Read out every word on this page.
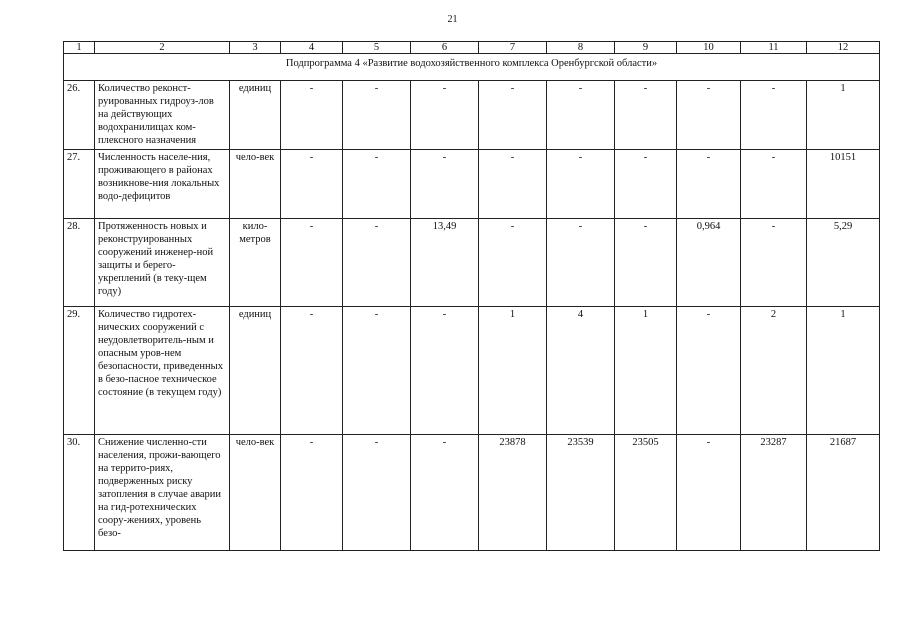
21
1	2	3	4	5	6	7	8	9	10	11	12
Подпрограмма 4 «Развитие водохозяйственного комплекса Оренбургской области»											
26.	Количество реконст-руированных гидроуз-лов на действующих водохранилищах ком-плексного назначения	единиц	-	-	-	-	-	-	-	-	1
27.	Численность населе-ния, проживающего в районах возникнове-ния локальных водо-дефицитов	чело-век	-	-	-	-	-	-	-	-	10151
28.	Протяженность новых и реконструированных сооружений инженер-ной защиты и берего-укреплений (в теку-щем году)	кило-метров	-	-	13,49	-	-	-	0,964	-	5,29
29.	Количество гидротех-нических сооружений с неудовлетворитель-ным и опасным уров-нем безопасности, приведенных в безо-пасное техническое состояние (в текущем году)	единиц	-	-	-	1	4	1	-	2	1
30.	Снижение численно-сти населения, прожи-вающего на террито-риях, подверженных риску затопления в случае аварии на гид-ротехнических соору-жениях, уровень безо-	чело-век	-	-	-	23878	23539	23505	-	23287	21687
